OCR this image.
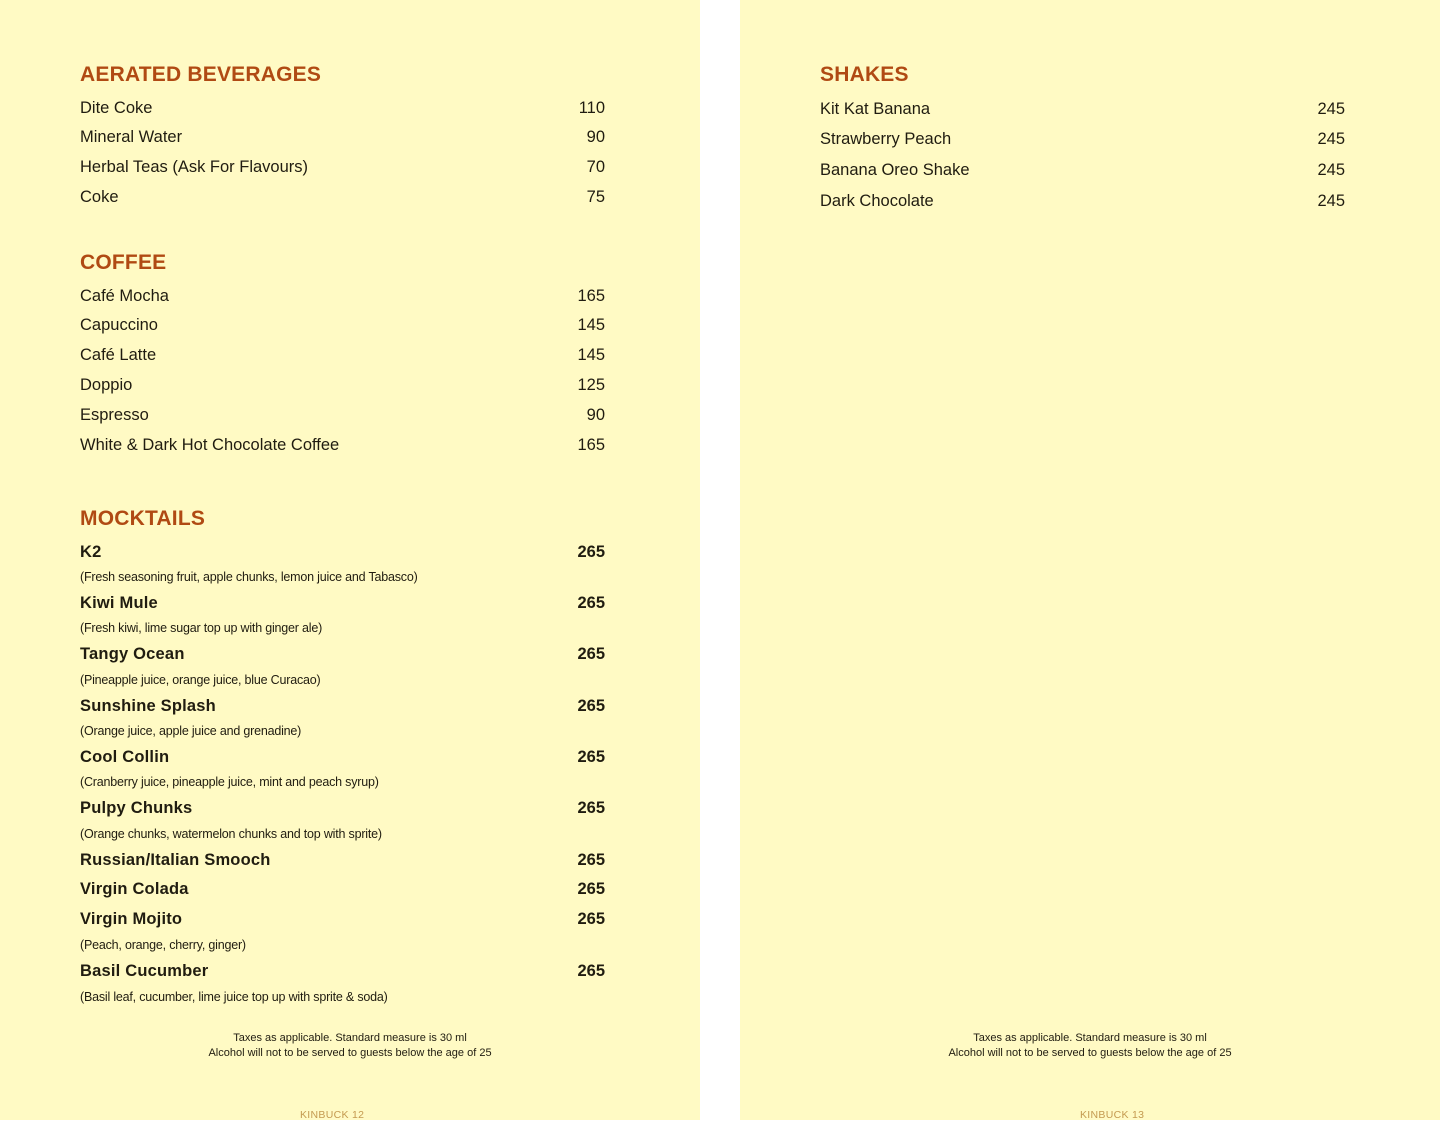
AERATED BEVERAGES
Dite Coke	110
Mineral Water	90
Herbal Teas (Ask For Flavours)	70
Coke	75
COFFEE
Café Mocha	165
Capuccino	145
Café Latte	145
Doppio	125
Espresso	90
White & Dark Hot Chocolate Coffee	165
MOCKTAILS
K2	265
(Fresh seasoning fruit, apple chunks, lemon juice and Tabasco)
Kiwi Mule	265
(Fresh kiwi, lime sugar top up with ginger ale)
Tangy Ocean	265
(Pineapple juice, orange juice, blue Curacao)
Sunshine Splash	265
(Orange juice, apple juice and grenadine)
Cool Collin	265
(Cranberry juice, pineapple juice, mint and peach syrup)
Pulpy Chunks	265
(Orange chunks, watermelon chunks and top with sprite)
Russian/Italian Smooch	265
Virgin Colada	265
Virgin Mojito	265
(Peach, orange, cherry, ginger)
Basil Cucumber	265
(Basil leaf, cucumber, lime juice top up with sprite & soda)
Taxes as applicable. Standard measure is 30 ml
Alcohol will not to be served to guests below the age of 25
KINBUCK 12
SHAKES
Kit Kat Banana	245
Strawberry Peach	245
Banana Oreo Shake	245
Dark Chocolate	245
Taxes as applicable. Standard measure is 30 ml
Alcohol will not to be served to guests below the age of 25
KINBUCK 13
